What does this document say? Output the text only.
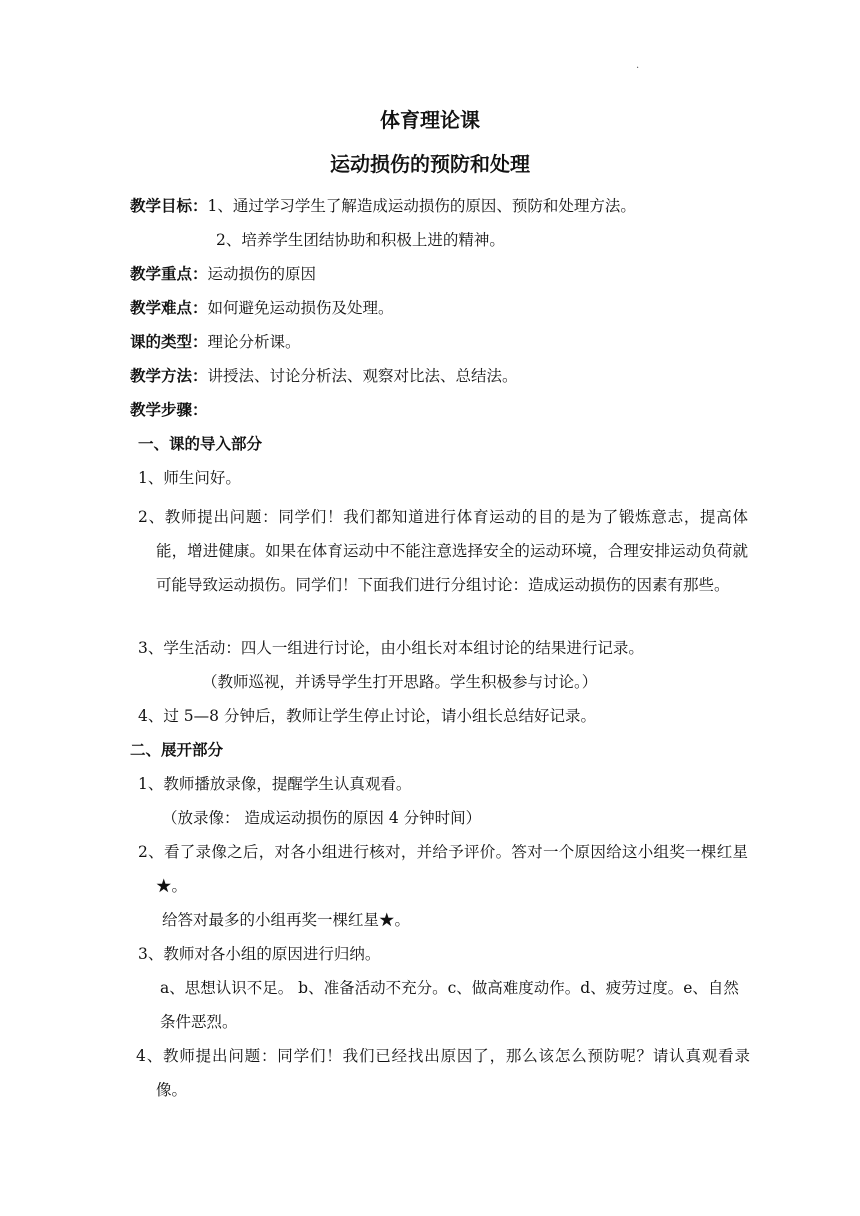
.
体育理论课
运动损伤的预防和处理
教学目标：1、通过学习学生了解造成运动损伤的原因、预防和处理方法。
2、培养学生团结协助和积极上进的精神。
教学重点：运动损伤的原因
教学难点：如何避免运动损伤及处理。
课的类型：理论分析课。
教学方法：讲授法、讨论分析法、观察对比法、总结法。
教学步骤：
一、课的导入部分
1、师生问好。
2、教师提出问题：同学们！我们都知道进行体育运动的目的是为了锻炼意志，提高体能，增进健康。如果在体育运动中不能注意选择安全的运动环境，合理安排运动负荷就可能导致运动损伤。同学们！下面我们进行分组讨论：造成运动损伤的因素有那些。
3、学生活动：四人一组进行讨论，由小组长对本组讨论的结果进行记录。
（教师巡视，并诱导学生打开思路。学生积极参与讨论。）
4、过 5—8 分钟后，教师让学生停止讨论，请小组长总结好记录。
二、展开部分
1、教师播放录像，提醒学生认真观看。
（放录像： 造成运动损伤的原因 4 分钟时间）
2、看了录像之后，对各小组进行核对，并给予评价。答对一个原因给这小组奖一棵红星★。
给答对最多的小组再奖一棵红星★。
3、教师对各小组的原因进行归纳。
a、思想认识不足。 b、准备活动不充分。c、做高难度动作。d、疲劳过度。e、自然条件恶烈。
4、教师提出问题：同学们！我们已经找出原因了，那么该怎么预防呢？请认真观看录像。
